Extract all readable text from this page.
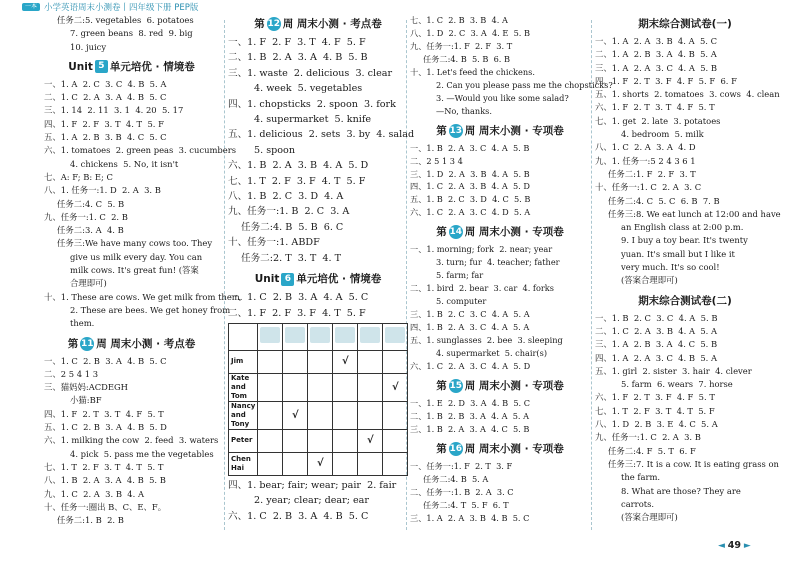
一本 小学英语周末小测卷丨四年级下册 PEP版
任务二:5. vegetables  6. potatoes
7. green beans  8. red  9. big
10. juicy
Unit 5 单元培优 · 情境卷
一、1. A  2. C  3. C  4. B  5. A
二、1. C  2. A  3. A  4. B  5. C
三、1. 14  2. 11  3. 1  4. 20  5. 17
四、1. F  2. F  3. T  4. T  5. F
五、1. A  2. B  3. B  4. C  5. C
六、1. tomatoes  2. green peas  3. cucumbers
4. chickens  5. No, it isn't
七、A: F; B: E; C
八、1. 任务一:1. D  2. A  3. B
任务二:4. C  5. B
九、任务一:1. C  2. B
任务二:3. A  4. B
任务三:We have many cows too. They
give us milk every day. You can
milk cows. It's great fun! (答案
合理即可)
十、1. These are cows. We get milk from them.
2. These are bees. We get honey from
them.
第 11 周 周末小测 · 考点卷
一、1. C  2. B  3. A  4. B  5. C
二、2 5 4 1 3
三、猫妈妈:ACDEGH
小猫:BF
四、1. F  2. T  3. T  4. F  5. T
五、1. C  2. B  3. A  4. B  5. D
六、1. milking the cow  2. feed  3. waters
4. pick  5. pass me the vegetables
七、1. T  2. F  3. T  4. T  5. T
八、1. B  2. A  3. A  4. B  5. B
九、1. C  2. A  3. B  4. A
十、任务一:圈出 B、C、E、F。
任务二:1. B  2. B
第 12 周 周末小测 · 考点卷
一、1. F  2. F  3. T  4. F  5. F
二、1. B  2. A  3. A  4. B  5. B
三、1. waste  2. delicious  3. clear
4. week  5. vegetables
四、1. chopsticks  2. spoon  3. fork
4. supermarket  5. knife
五、1. delicious  2. sets  3. by  4. salad
5. spoon
六、1. B  2. A  3. B  4. A  5. D
七、1. T  2. F  3. F  4. T  5. F
八、1. B  2. C  3. D  4. A
九、任务一:1. B  2. C  3. A
任务二:4. B  5. B  6. C
十、任务一:1. ABDF
任务二:2. T  3. T  4. T
Unit 6 单元培优 · 情境卷
一、1. C  2. B  3. A  4. A  5. C
二、1. F  2. F  3. F  4. T  5. F

Jim				√		
Kate and Tom						√
Nancy and Tony		√				
Peter					√	
Chen Hai			√			
四、1. bear; fair; wear; pair  2. fair
2. year; clear; dear; ear
六、1. C  2. B  3. A  4. B  5. C
七、1. C  2. B  3. B  4. A
八、1. D  2. C  3. A  4. E  5. B
九、任务一:1. F  2. F  3. T
任务二:4. B  5. B  6. B
十、1. Let's feed the chickens.
2. Can you please pass me the chopsticks?
3. —Would you like some salad?
—No, thanks.
第 13 周 周末小测 · 专项卷
一、1. B  2. A  3. C  4. A  5. B
二、2 5 1 3 4
三、1. D  2. A  3. B  4. A  5. B
四、1. C  2. A  3. B  4. A  5. D
五、1. B  2. C  3. D  4. C  5. B
六、1. C  2. A  3. C  4. D  5. A
第 14 周 周末小测 · 专项卷
一、1. morning; fork  2. near; year
3. turn; fur  4. teacher; father
5. farm; far
二、1. bird  2. bear  3. car  4. forks
5. computer
三、1. B  2. C  3. C  4. A  5. A
四、1. B  2. A  3. C  4. A  5. A
五、1. sunglasses  2. bee  3. sleeping
4. supermarket  5. chair(s)
六、1. C  2. A  3. C  4. A  5. D
第 15 周 周末小测 · 专项卷
一、1. E  2. D  3. A  4. B  5. C
二、1. B  2. B  3. A  4. A  5. A
三、1. B  2. A  3. A  4. C  5. B
第 16 周 周末小测 · 专项卷
一、任务一:1. F  2. T  3. F
任务二:4. B  5. A
二、任务一:1. B  2. A  3. C
任务二:4. T  5. F  6. T
三、1. A  2. A  3. B  4. B  5. C
期末综合测试卷(一)
一、1. A  2. A  3. B  4. A  5. C
二、1. A  2. B  3. A  4. B  5. A
三、1. A  2. A  3. C  4. A  5. B
四、1. F  2. T  3. F  4. F  5. F  6. F
五、1. shorts  2. tomatoes  3. cows  4. clean
六、1. F  2. T  3. T  4. F  5. T
七、1. get  2. late  3. potatoes
4. bedroom  5. milk
八、1. C  2. A  3. A  4. D
九、1. 任务一:5 2 4 3 6 1
任务二:1. F  2. F  3. T
十、任务一:1. C  2. A  3. C
任务二:4. C  5. C  6. B  7. B
任务三:8. We eat lunch at 12:00 and have
an English class at 2:00 p.m.
9. I buy a toy bear. It's twenty
yuan. It's small but I like it
very much. It's so cool!
(答案合理即可)
期末综合测试卷(二)
一、1. B  2. C  3. C  4. A  5. B
二、1. C  2. A  3. B  4. A  5. A
三、1. A  2. B  3. A  4. C  5. B
四、1. A  2. A  3. C  4. B  5. A
五、1. girl  2. sister  3. hair  4. clever
5. farm  6. wears  7. horse
六、1. F  2. T  3. F  4. F  5. T
七、1. T  2. F  3. T  4. T  5. F
八、1. D  2. B  3. E  4. C  5. A
九、任务一:1. C  2. A  3. B
任务二:4. F  5. T  6. F
任务三:7. It is a cow. It is eating grass on
the farm.
8. What are those? They are
carrots.
(答案合理即可)
◄ 49 ►
